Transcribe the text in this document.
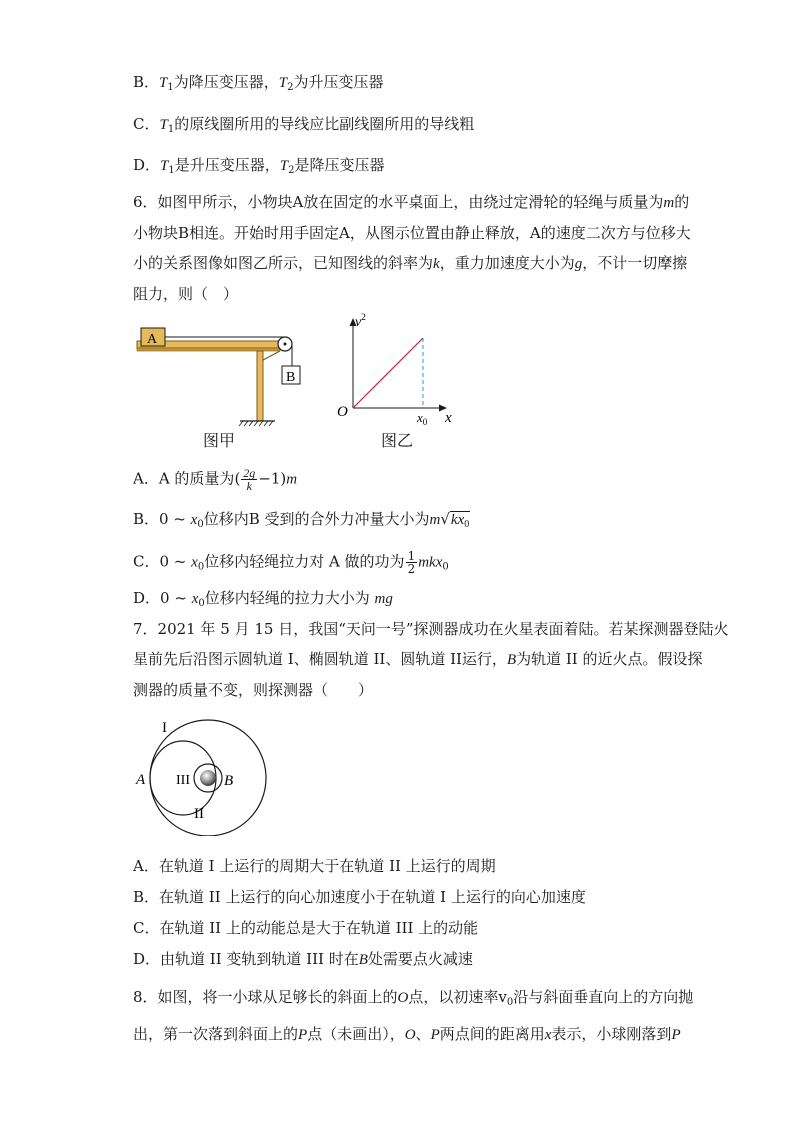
B．$T_1$为降压变压器，$T_2$为升压变压器
C．$T_1$的原线圈所用的导线应比副线圈所用的导线粗
D．$T_1$是升压变压器，$T_2$是降压变压器
6．如图甲所示，小物块A放在固定的水平桌面上，由绕过定滑轮的轻绳与质量为m的
小物块B相连。开始时用手固定A，从图示位置由静止释放，A的速度二次方与位移大
小的关系图像如图乙所示，已知图线的斜率为k，重力加速度大小为g，不计一切摩擦
阻力，则（　）
A
B
图甲
$v^2$
O	x
$x_0$
图乙
A．A 的质量为( $\frac{2g}{k} -1)m$
B．0 ~ $x_0$位移内B 受到的合外力冲量大小为$m√kx_0$
C．0 ~ $x_0$位移内轻绳拉力对 A 做的功为 $\frac{1}{2} mkx_0$
D．0 ~ $x_0$位移内轻绳的拉力大小为 mg
7．2021 年 5 月 15 日，我国“天问一号”探测器成功在火星表面着陆。若某探测器登陆火
星前先后沿图示圆轨道 I、椭圆轨道 II、圆轨道 II运行，B为轨道 II 的近火点。假设探
测器的质量不变，则探测器（　　）
I
A III B
II
A．在轨道 I 上运行的周期大于在轨道 II 上运行的周期
B．在轨道 II 上运行的向心加速度小于在轨道 I 上运行的向心加速度
C．在轨道 II 上的动能总是大于在轨道 III 上的动能
D．由轨道 II 变轨到轨道 III 时在B处需要点火减速
8．如图，将一小球从足够长的斜面上的O点，以初速率$v_0$沿与斜面垂直向上的方向抛
出，第一次落到斜面上的P点（未画出），O、P两点间的距离用x表示，小球刚落到P
